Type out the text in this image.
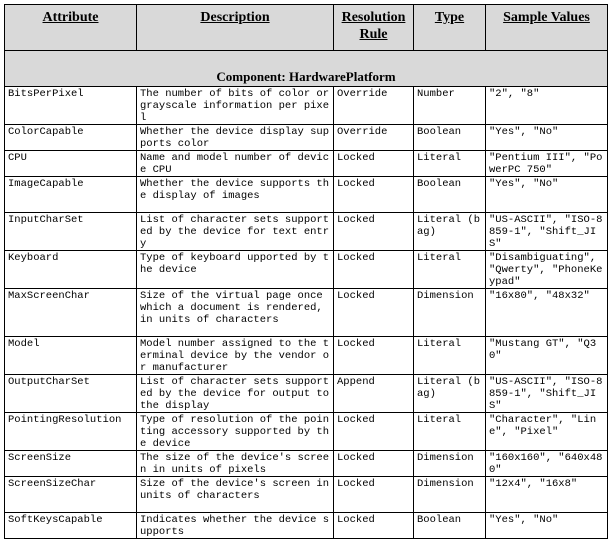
Attribute	Description	Resolution Rule	Type	Sample Values
Component: HardwarePlatform				
BitsPerPixel	The number of bits of color or grayscale information per pixel	Override	Number	"2", "8"
ColorCapable	Whether the device display supports color	Override	Boolean	"Yes", "No"
CPU	Name and model number of device CPU	Locked	Literal	"Pentium III", "PowerPC 750"
ImageCapable	Whether the device supports the display of images	Locked	Boolean	"Yes", "No"
InputCharSet	List of character sets supported by the device for text entry	Locked	Literal (bag)	"US-ASCII", "ISO-8859-1", "Shift_JIS"
Keyboard	Type of keyboard upported by the device	Locked	Literal	"Disambiguating", "Qwerty", "PhoneKeypad"
MaxScreenChar	Size of the virtual page once which a document is rendered, in units of characters	Locked	Dimension	"16x80", "48x32"
Model	Model number assigned to the terminal device by the vendor or manufacturer	Locked	Literal	"Mustang GT", "Q30"
OutputCharSet	List of character sets supported by the device for output to the display	Append	Literal (bag)	"US-ASCII", "ISO-8859-1", "Shift_JIS"
PointingResolution	Type of resolution of the pointing accessory supported by the device	Locked	Literal	"Character", "Line", "Pixel"
ScreenSize	The size of the device's screen in units of pixels	Locked	Dimension	"160x160", "640x480"
ScreenSizeChar	Size of the device's screen in units of characters	Locked	Dimension	"12x4", "16x8"
SoftKeysCapable	Indicates whether the device supports	Locked	Boolean	"Yes", "No"
